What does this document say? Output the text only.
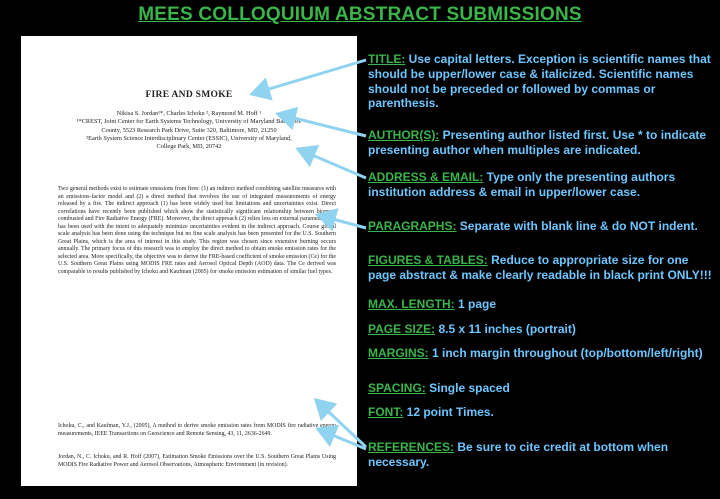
MEES COLLOQUIUM ABSTRACT SUBMISSIONS
FIRE AND SMOKE
Nikisa S. Jordan¹*, Charles Ichoku ², Raymond M. Hoff ¹
¹*CREST, Joint Center for Earth Systems Technology, University of Maryland Baltimore
County, 5523 Research Park Drive, Suite 320, Baltimore, MD, 21250
²Earth System Science Interdisciplinary Center (ESSIC), University of Maryland,
College Park, MD, 20742
Two general methods exist to estimate emissions from fires: (1) an indirect method combining satellite measures with an emissions-factor model and (2) a direct method that involves the use of integrated measurements of energy released by a fire. The indirect approach (1) has been widely used but limitations and uncertainties exist. Direct correlations have recently been published which show the statistically significant relationship between biomass combusted and Fire Radiative Energy (FRE). Moreover, the direct approach (2) relies less on external parameters and has been used with the intent to adequately minimize uncertainties evident in the indirect approach. Course global scale analysis has been done using the technique but no fine scale analysis has been presented for the U.S. Southern Great Plains, which is the area of interest in this study. This region was chosen since extensive burning occurs annually. The primary focus of this research was to employ the direct method to obtain smoke emission rates for the selected area. More specifically, the objective was to derive the FRE-based coefficient of smoke emission (Ce) for the U.S. Southern Great Plains using MODIS FRE rates and Aerosol Optical Depth (AOD) data. The Ce derived was comparable to results published by Ichoku and Kaufman (2005) for smoke emission estimation of similar fuel types.
Ichoku, C., and Kaufman, Y.J., (2005), A method to derive smoke emission rates from MODIS fire radiative energy measurements, IEEE Transactions on Geoscience and Remote Sensing, 43, 11, 2636-2649.
Jordan, N., C. Ichoku, and R. Hoff (2007), Estimation Smoke Emissions over the U.S. Southern Great Plains Using MODIS Fire Radiative Power and Aerosol Observations, Atmospheric Environment (in revision).
TITLE: Use capital letters. Exception is scientific names that should be upper/lower case & italicized. Scientific names should not be preceded or followed by commas or parenthesis.
AUTHOR(S): Presenting author listed first. Use * to indicate presenting author when multiples are indicated.
ADDRESS & EMAIL: Type only the presenting authors institution address & email in upper/lower case.
PARAGRAPHS: Separate with blank line & do NOT indent.
FIGURES & TABLES: Reduce to appropriate size for one page abstract & make clearly readable in black print ONLY!!!
MAX. LENGTH: 1 page
PAGE SIZE: 8.5 x 11 inches (portrait)
MARGINS: 1 inch margin throughout (top/bottom/left/right)
SPACING: Single spaced
FONT: 12 point Times.
REFERENCES: Be sure to cite credit at bottom when necessary.
